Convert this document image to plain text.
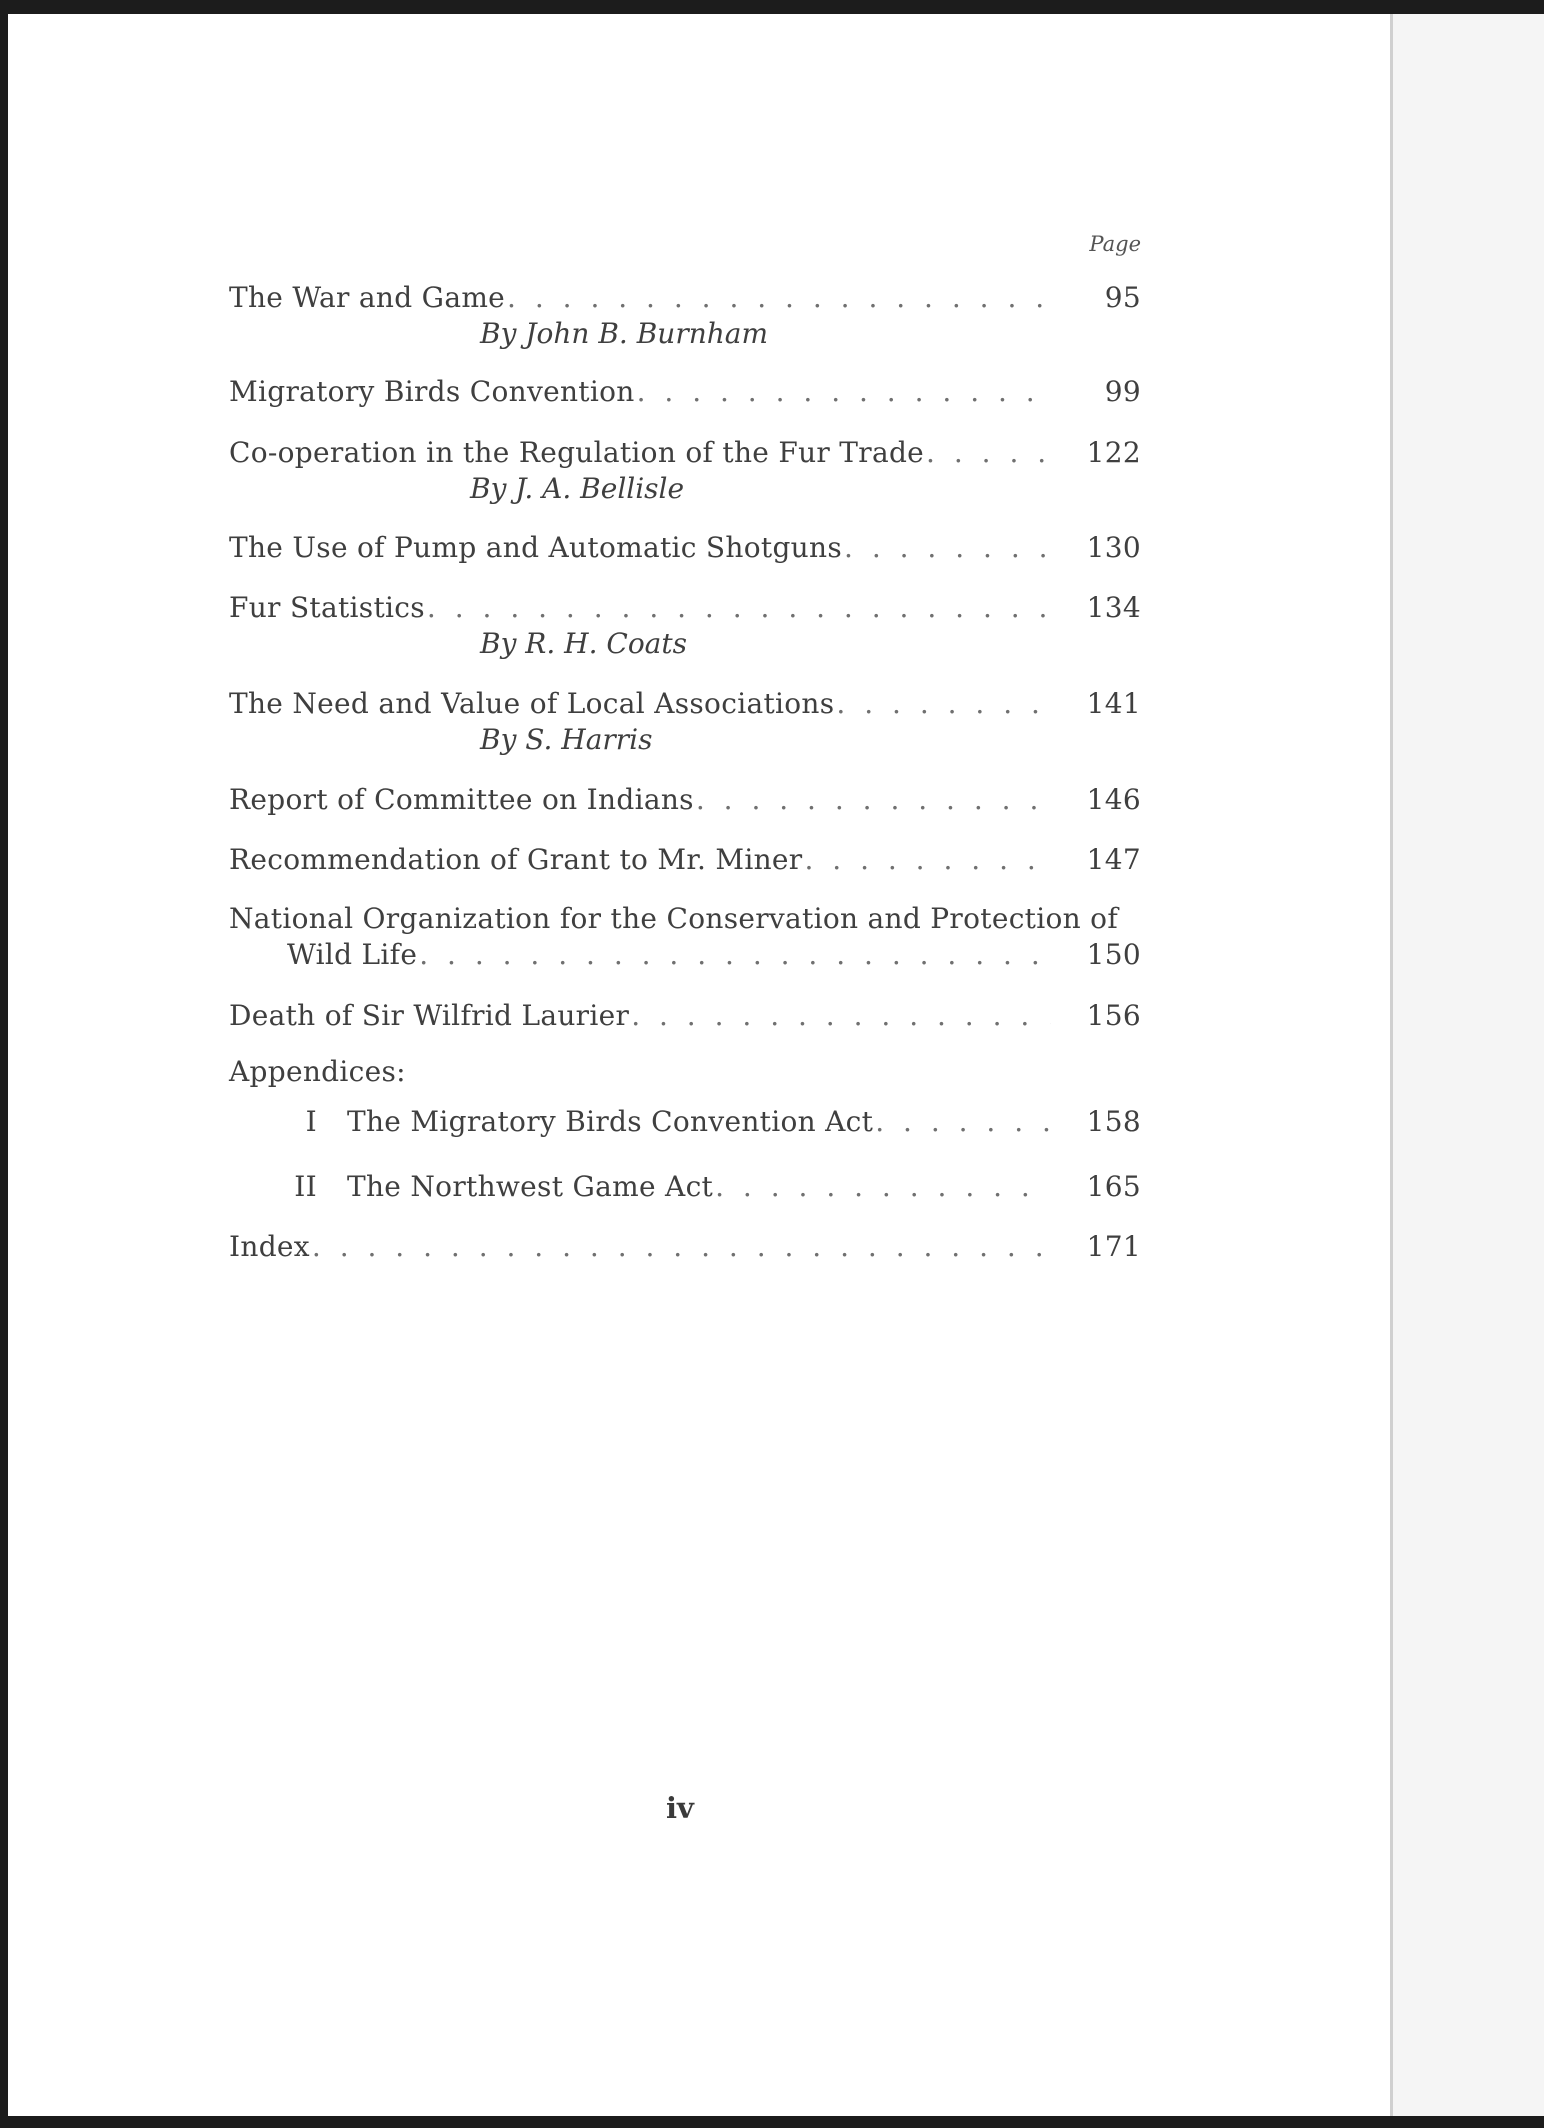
Page
The War and Game . . .	95
By John B. Burnham
Migratory Birds Convention . . .	99
Co-operation in the Regulation of the Fur Trade . . .	122
By J. A. Bellisle
The Use of Pump and Automatic Shotguns . . .	130
Fur Statistics . . .	134
By R. H. Coats
The Need and Value of Local Associations . . .	141
By S. Harris
Report of Committee on Indians . . .	146
Recommendation of Grant to Mr. Miner . . .	147
National Organization for the Conservation and Protection of
Wild Life . . .	150
Death of Sir Wilfrid Laurier . . .	156
Appendices:
I	The Migratory Birds Convention Act . . .	158
II	The Northwest Game Act . . .	165
Index . . .	171
iv
